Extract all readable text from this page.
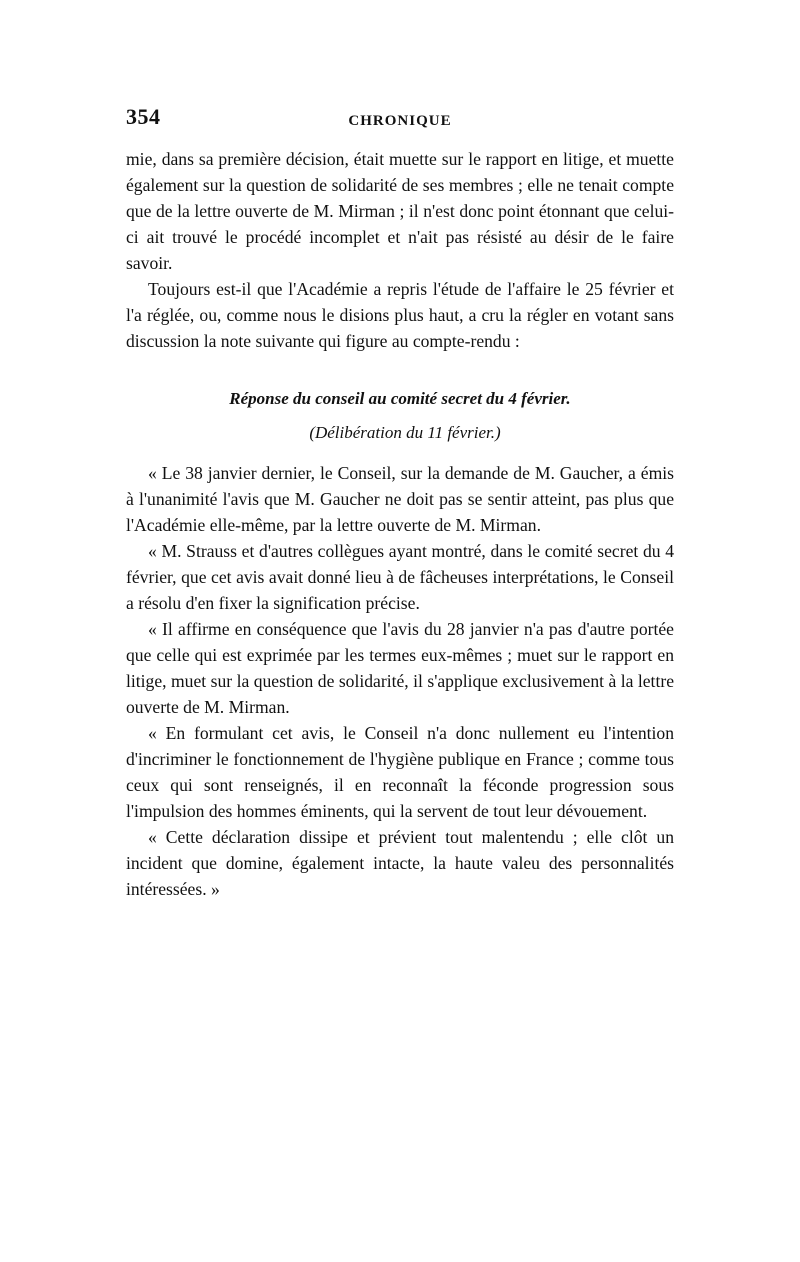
354	CHRONIQUE

mie, dans sa première décision, était muette sur le rapport en litige, et muette également sur la question de solidarité de ses membres ; elle ne tenait compte que de la lettre ouverte de M. Mirman ; il n'est donc point étonnant que celui-ci ait trouvé le procédé incomplet et n'ait pas résisté au désir de le faire savoir.

Toujours est-il que l'Académie a repris l'étude de l'affaire le 25 février et l'a réglée, ou, comme nous le disions plus haut, a cru la régler en votant sans discussion la note suivante qui figure au compte-rendu :

Réponse du conseil au comité secret du 4 février.
(Délibération du 11 février.)

« Le 38 janvier dernier, le Conseil, sur la demande de M. Gaucher, a émis à l'unanimité l'avis que M. Gaucher ne doit pas se sentir atteint, pas plus que l'Académie elle-même, par la lettre ouverte de M. Mirman.

« M. Strauss et d'autres collègues ayant montré, dans le comité secret du 4 février, que cet avis avait donné lieu à de fâcheuses interprétations, le Conseil a résolu d'en fixer la signification précise.

« Il affirme en conséquence que l'avis du 28 janvier n'a pas d'autre portée que celle qui est exprimée par les termes eux-mêmes ; muet sur le rapport en litige, muet sur la question de solidarité, il s'applique exclusivement à la lettre ouverte de M. Mirman.

« En formulant cet avis, le Conseil n'a donc nullement eu l'intention d'incriminer le fonctionnement de l'hygiène publique en France ; comme tous ceux qui sont renseignés, il en reconnaît la féconde progression sous l'impulsion des hommes éminents, qui la servent de tout leur dévouement.

« Cette déclaration dissipe et prévient tout malentendu ; elle clôt un incident que domine, également intacte, la haute valeu des personnalités intéressées. »
